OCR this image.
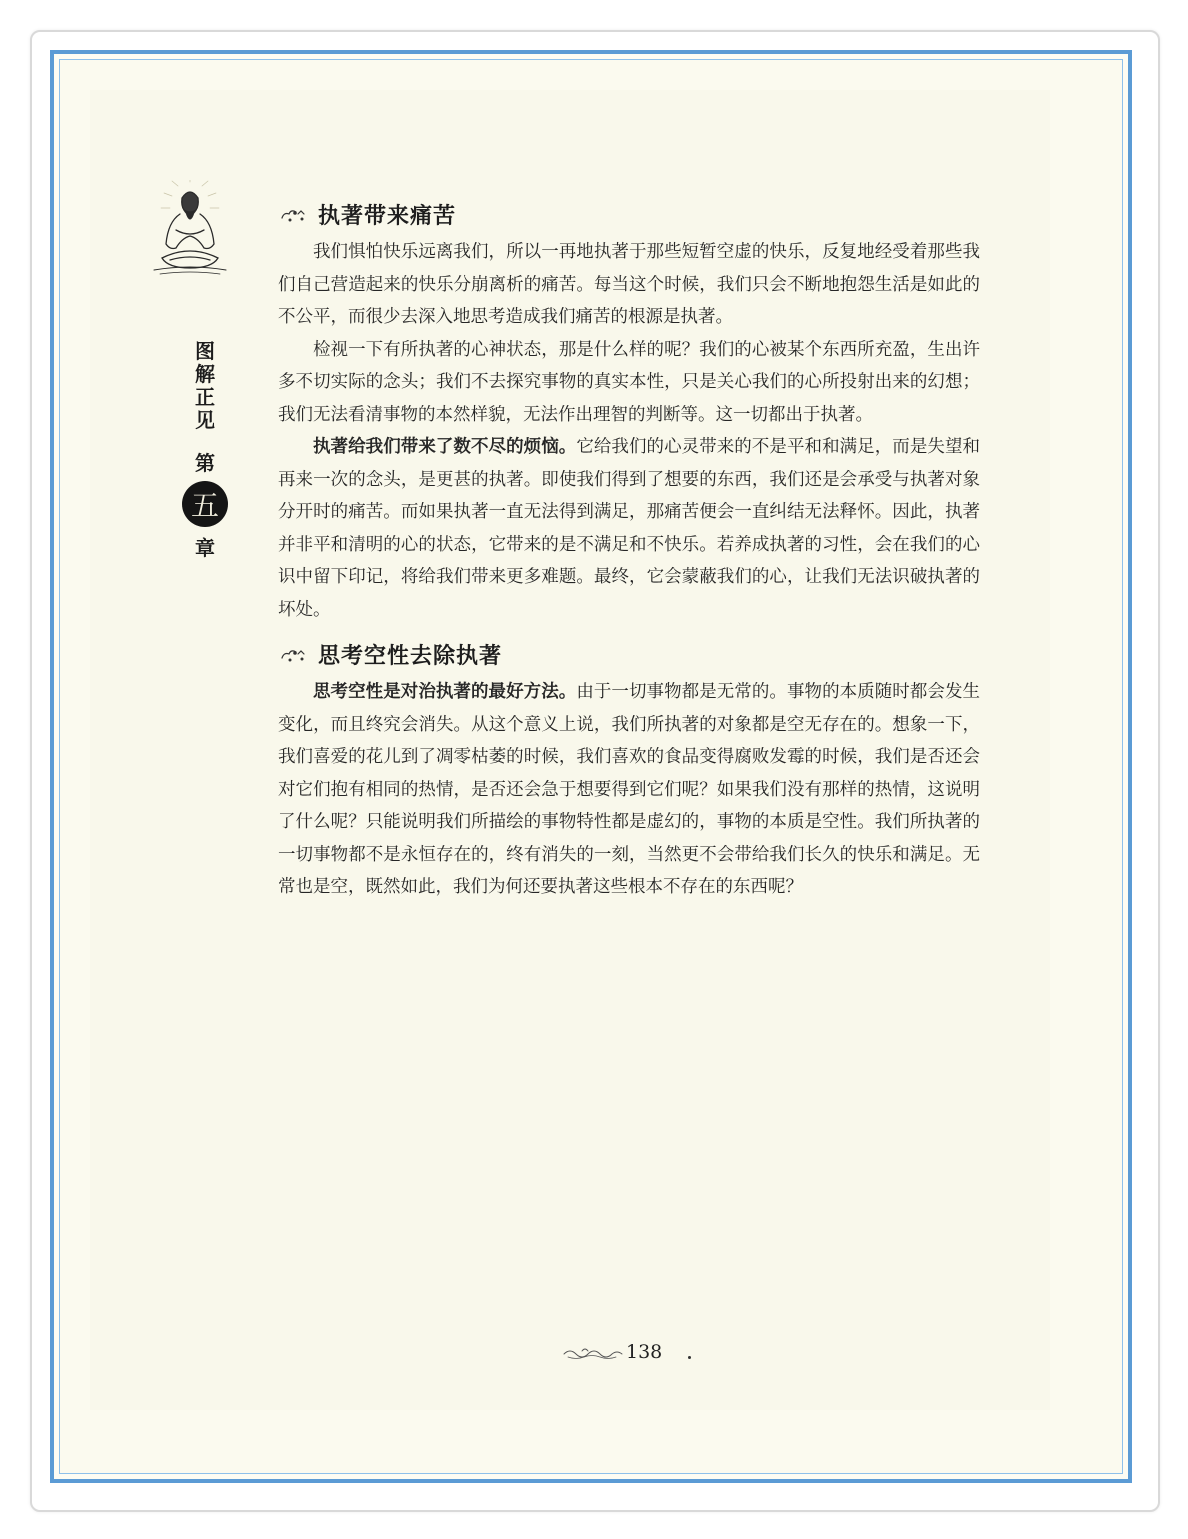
图
解
正
见
第
五
章
执著带来痛苦

我们惧怕快乐远离我们，所以一再地执著于那些短暂空虚的快乐，反复地经受着那些我们自己营造起来的快乐分崩离析的痛苦。每当这个时候，我们只会不断地抱怨生活是如此的不公平，而很少去深入地思考造成我们痛苦的根源是执著。

检视一下有所执著的心神状态，那是什么样的呢？我们的心被某个东西所充盈，生出许多不切实际的念头；我们不去探究事物的真实本性，只是关心我们的心所投射出来的幻想；我们无法看清事物的本然样貌，无法作出理智的判断等。这一切都出于执著。

执著给我们带来了数不尽的烦恼。它给我们的心灵带来的不是平和和满足，而是失望和再来一次的念头，是更甚的执著。即使我们得到了想要的东西，我们还是会承受与执著对象分开时的痛苦。而如果执著一直无法得到满足，那痛苦便会一直纠结无法释怀。因此，执著并非平和清明的心的状态，它带来的是不满足和不快乐。若养成执著的习性，会在我们的心识中留下印记，将给我们带来更多难题。最终，它会蒙蔽我们的心，让我们无法识破执著的坏处。

思考空性去除执著

思考空性是对治执著的最好方法。由于一切事物都是无常的。事物的本质随时都会发生变化，而且终究会消失。从这个意义上说，我们所执著的对象都是空无存在的。想象一下，我们喜爱的花儿到了凋零枯萎的时候，我们喜欢的食品变得腐败发霉的时候，我们是否还会对它们抱有相同的热情，是否还会急于想要得到它们呢？如果我们没有那样的热情，这说明了什么呢？只能说明我们所描绘的事物特性都是虚幻的，事物的本质是空性。我们所执著的一切事物都不是永恒存在的，终有消失的一刻，当然更不会带给我们长久的快乐和满足。无常也是空，既然如此，我们为何还要执著这些根本不存在的东西呢？

138
